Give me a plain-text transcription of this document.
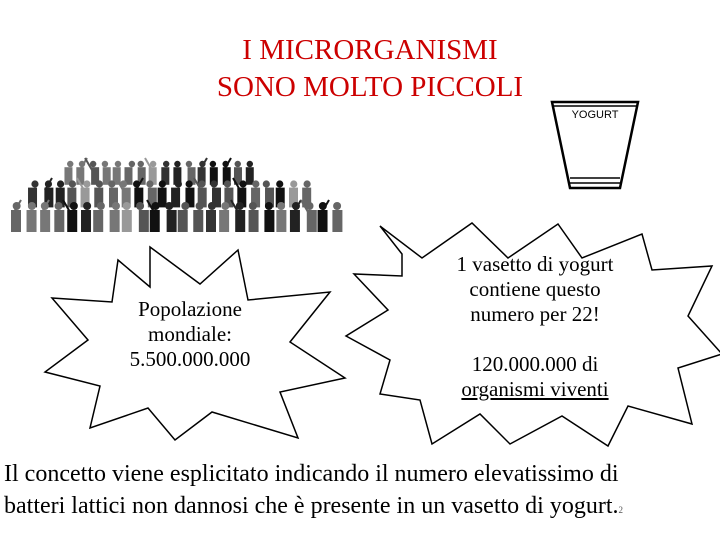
I MICRORGANISMI
SONO MOLTO PICCOLI
YOGURT
Popolazione
mondiale:
5.500.000.000
1 vasetto di yogurt
contiene questo
numero per 22!
120.000.000 di
organismi viventi
Il concetto viene esplicitato indicando il numero elevatissimo di
batteri lattici non dannosi che è presente in un vasetto di yogurt.2
